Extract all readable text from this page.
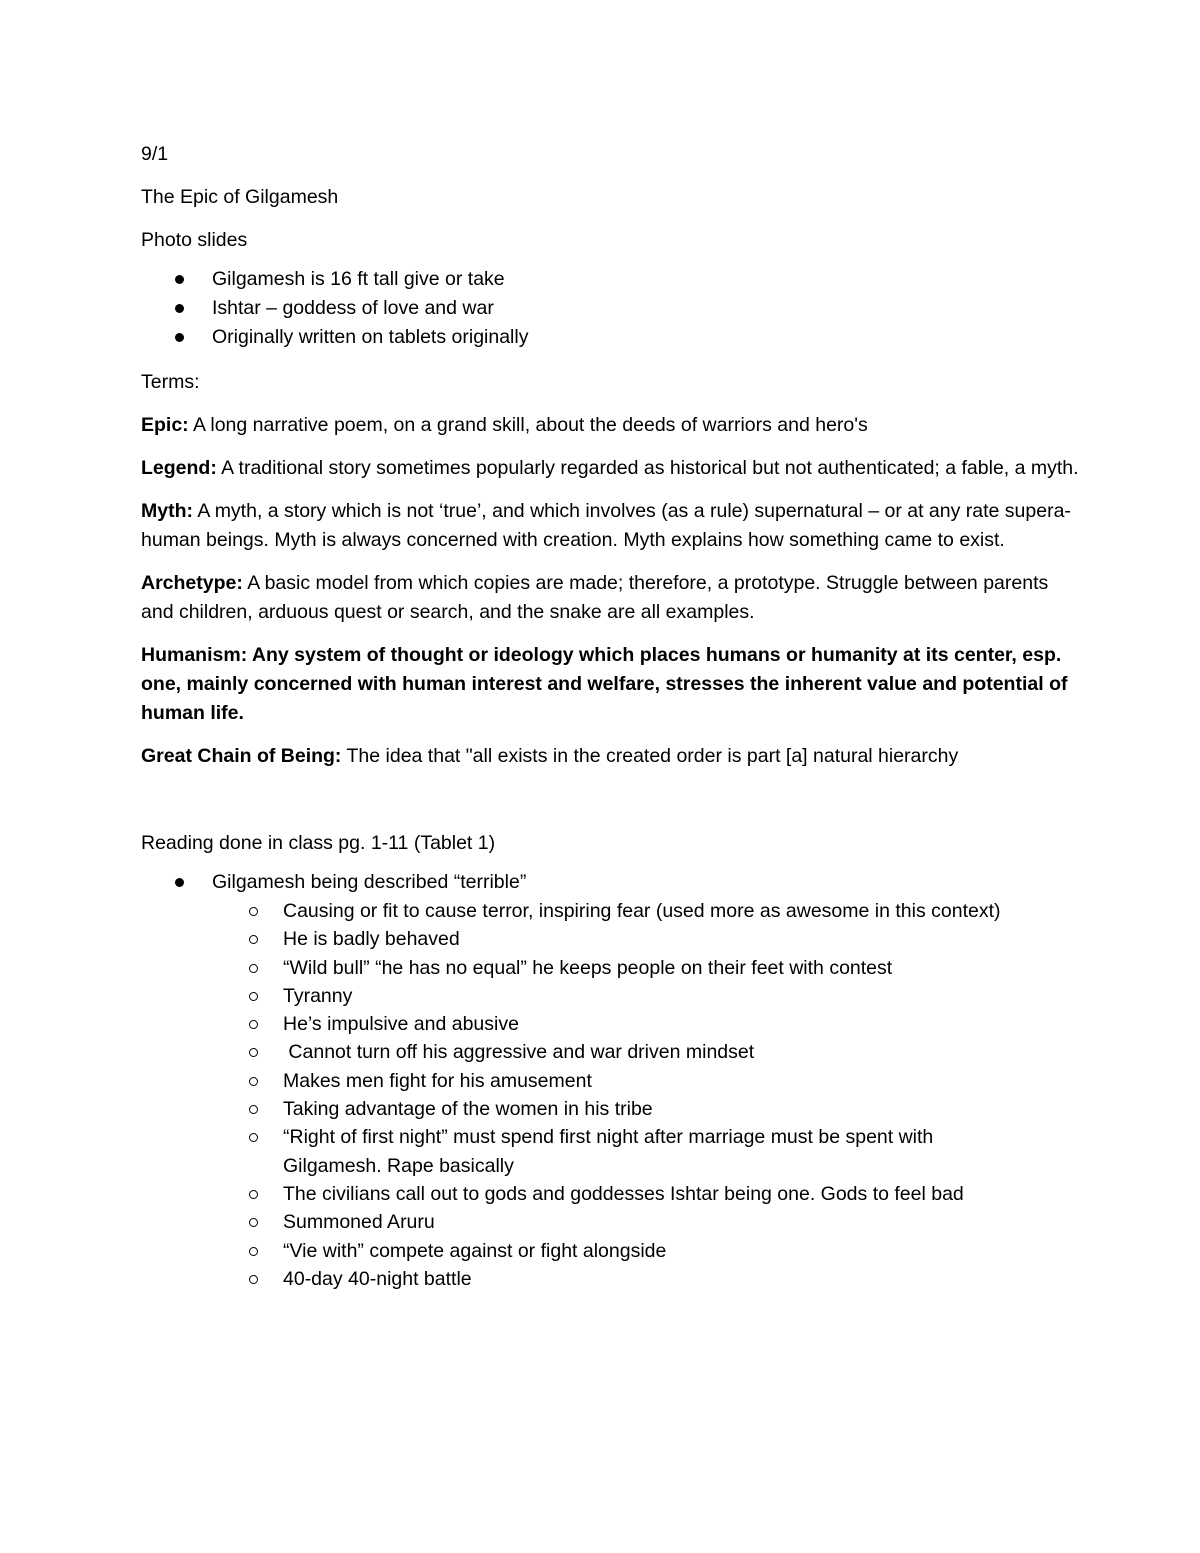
9/1

The Epic of Gilgamesh

Photo slides

Gilgamesh is 16 ft tall give or take
Ishtar – goddess of love and war
Originally written on tablets originally

Terms:

Epic: A long narrative poem, on a grand skill, about the deeds of warriors and hero's

Legend: A traditional story sometimes popularly regarded as historical but not authenticated; a fable, a myth.

Myth: A myth, a story which is not ‘true’, and which involves (as a rule) supernatural – or at any rate supera-human beings. Myth is always concerned with creation. Myth explains how something came to exist.

Archetype: A basic model from which copies are made; therefore, a prototype. Struggle between parents and children, arduous quest or search, and the snake are all examples.

Humanism: Any system of thought or ideology which places humans or humanity at its center, esp. one, mainly concerned with human interest and welfare, stresses the inherent value and potential of human life.

Great Chain of Being: The idea that "all exists in the created order is part [a] natural hierarchy

Reading done in class pg. 1-11 (Tablet 1)

Gilgamesh being described “terrible”
Causing or fit to cause terror, inspiring fear (used more as awesome in this context)
He is badly behaved
“Wild bull” “he has no equal” he keeps people on their feet with contest
Tyranny
He’s impulsive and abusive
Cannot turn off his aggressive and war driven mindset
Makes men fight for his amusement
Taking advantage of the women in his tribe
“Right of first night” must spend first night after marriage must be spent with Gilgamesh. Rape basically
The civilians call out to gods and goddesses Ishtar being one. Gods to feel bad
Summoned Aruru
“Vie with” compete against or fight alongside
40-day 40-night battle
